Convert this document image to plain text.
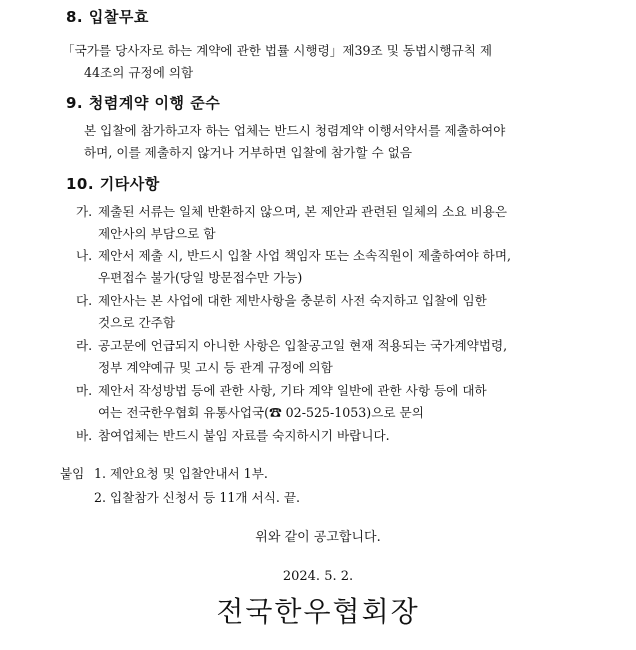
8. 입찰무효
「국가를 당사자로 하는 계약에 관한 법률 시행령」제39조 및 동법시행규칙 제
44조의 규정에 의함
9. 청렴계약 이행 준수
본 입찰에 참가하고자 하는 업체는 반드시 청렴계약 이행서약서를 제출하여야
하며, 이를 제출하지 않거나 거부하면 입찰에 참가할 수 없음
10. 기타사항
가. 제출된 서류는 일체 반환하지 않으며, 본 제안과 관련된 일체의 소요 비용은
제안사의 부담으로 함
나. 제안서 제출 시, 반드시 입찰 사업 책임자 또는 소속직원이 제출하여야 하며,
우편접수 불가(당일 방문접수만 가능)
다. 제안사는 본 사업에 대한 제반사항을 충분히 사전 숙지하고 입찰에 임한
것으로 간주함
라. 공고문에 언급되지 아니한 사항은 입찰공고일 현재 적용되는 국가계약법령,
정부 계약예규 및 고시 등 관계 규정에 의함
마. 제안서 작성방법 등에 관한 사항, 기타 계약 일반에 관한 사항 등에 대하
여는 전국한우협회 유통사업국(☎ 02-525-1053)으로 문의
바. 참여업체는 반드시 붙임 자료를 숙지하시기 바랍니다.
붙임 1. 제안요청 및 입찰안내서 1부.
2. 입찰참가 신청서 등 11개 서식. 끝.
위와 같이 공고합니다.
2024. 5. 2.
전국한우협회장
